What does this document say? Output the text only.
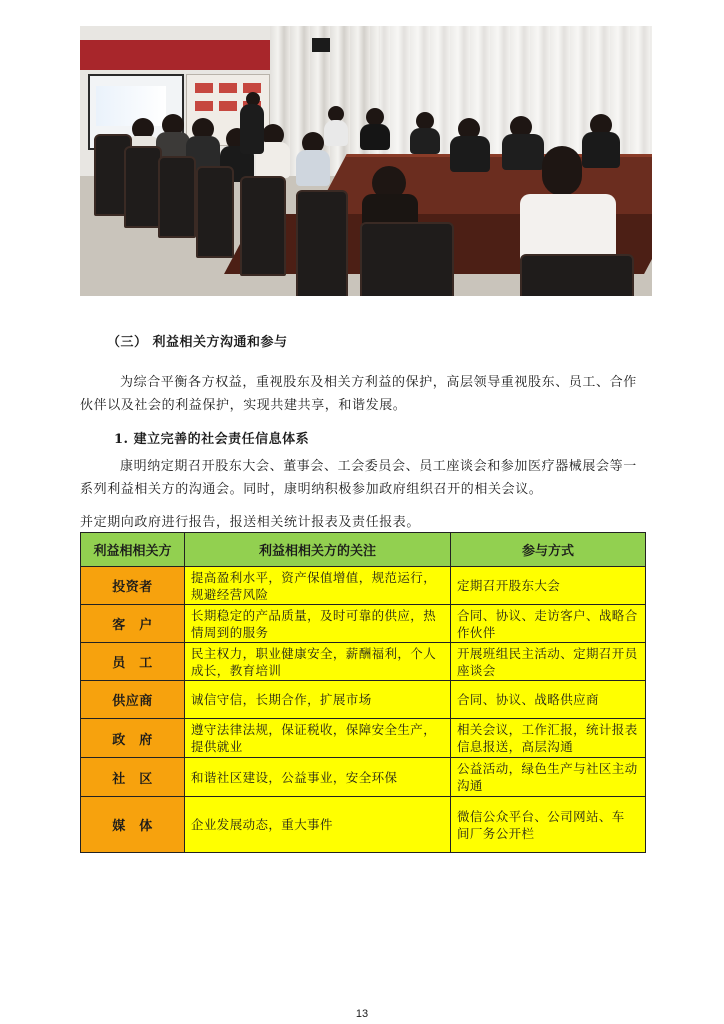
（三） 利益相关方沟通和参与
为综合平衡各方权益，重视股东及相关方利益的保护，高层领导重视股东、员工、合作伙伴以及社会的利益保护，实现共建共享，和谐发展。
1. 建立完善的社会责任信息体系
康明纳定期召开股东大会、董事会、工会委员会、员工座谈会和参加医疗器械展会等一系列利益相关方的沟通会。同时，康明纳积极参加政府组织召开的相关会议。
并定期向政府进行报告，报送相关统计报表及责任报表。
利益相相关方	利益相相关方的关注	参与方式
投资者	提高盈利水平，资产保值增值，规范运行，规避经营风险	定期召开股东大会
客　户	长期稳定的产品质量，及时可靠的供应，热情周到的服务	合同、协议、走访客户、战略合作伙伴
员　工	民主权力，职业健康安全，薪酬福利，个人成长，教育培训	开展班组民主活动、定期召开员座谈会
供应商	诚信守信，长期合作，扩展市场	合同、协议、战略供应商
政　府	遵守法律法规，保证税收，保障安全生产，提供就业	相关会议，工作汇报，统计报表信息报送，高层沟通
社　区	和谐社区建设，公益事业，安全环保	公益活动，绿色生产与社区主动沟通
媒　体	企业发展动态，重大事件	微信公众平台、公司网站、车 间厂务公开栏
13
